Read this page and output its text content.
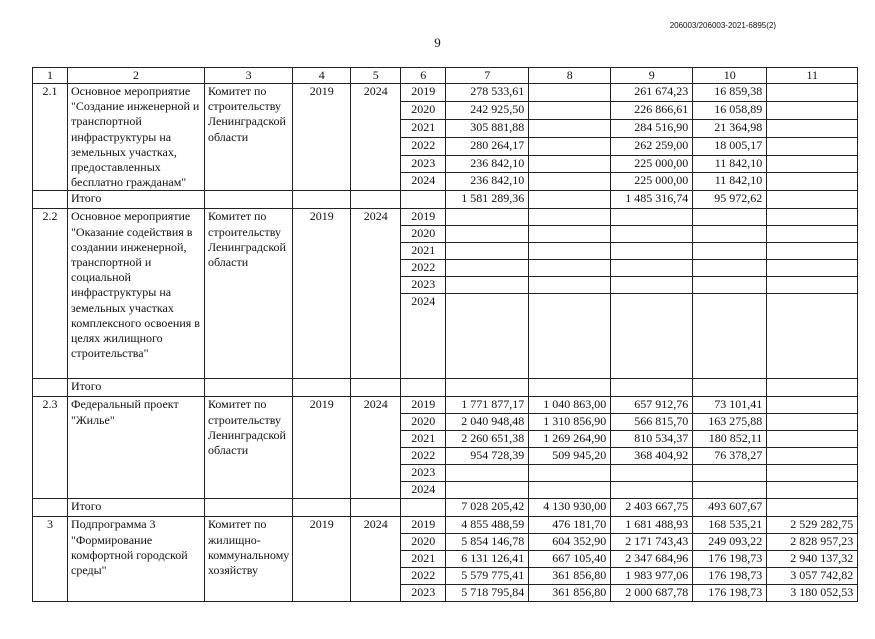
206003/206003-2021-6895(2)
9
1	2	3	4	5	6	7	8	9	10	11
2.1	Основное мероприятие "Создание инженерной и транспортной инфраструктуры на земельных участках, предоставленных бесплатно гражданам"	Комитет по строительству Ленинградской области	2019	2024	2019	278 533,61		261 674,23	16 859,38	
					2020	242 925,50		226 866,61	16 058,89	
					2021	305 881,88		284 516,90	21 364,98	
					2022	280 264,17		262 259,00	18 005,17	
					2023	236 842,10		225 000,00	11 842,10	
					2024	236 842,10		225 000,00	11 842,10	
	Итого					1 581 289,36		1 485 316,74	95 972,62	
2.2	Основное мероприятие "Оказание содействия в создании инженерной, транспортной и социальной инфраструктуры на земельных участках комплексного освоения в целях жилищного строительства"	Комитет по строительству Ленинградской области	2019	2024	2019					
					2020					
					2021					
					2022					
					2023					
					2024					
	Итого									
2.3	Федеральный проект "Жилье"	Комитет по строительству Ленинградской области	2019	2024	2019	1 771 877,17	1 040 863,00	657 912,76	73 101,41	
					2020	2 040 948,48	1 310 856,90	566 815,70	163 275,88	
					2021	2 260 651,38	1 269 264,90	810 534,37	180 852,11	
					2022	954 728,39	509 945,20	368 404,92	76 378,27	
					2023					
					2024					
	Итого					7 028 205,42	4 130 930,00	2 403 667,75	493 607,67	
3	Подпрограмма 3 "Формирование комфортной городской среды"	Комитет по жилищно-коммунальному хозяйству	2019	2024	2019	4 855 488,59	476 181,70	1 681 488,93	168 535,21	2 529 282,75
					2020	5 854 146,78	604 352,90	2 171 743,43	249 093,22	2 828 957,23
					2021	6 131 126,41	667 105,40	2 347 684,96	176 198,73	2 940 137,32
					2022	5 579 775,41	361 856,80	1 983 977,06	176 198,73	3 057 742,82
					2023	5 718 795,84	361 856,80	2 000 687,78	176 198,73	3 180 052,53
